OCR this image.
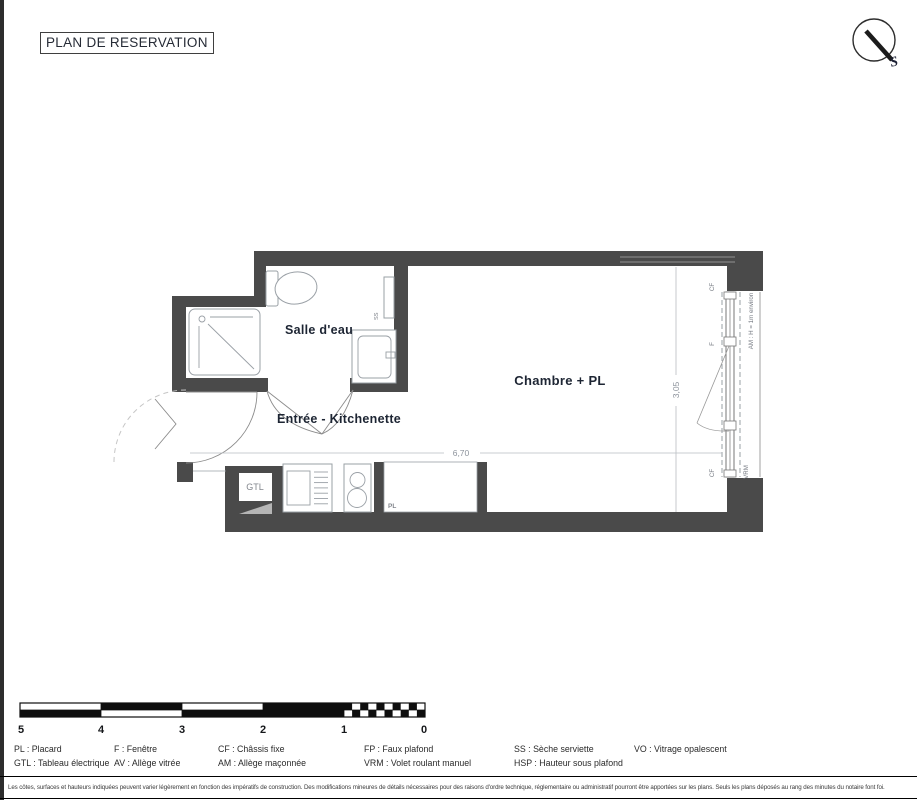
PLAN DE RESERVATION
S
GTL
SS
PL
CF
F
CF	VRM
AM : H = 1m environ
6,70
3,05
Salle d'eau
Entrée - Kitchenette
Chambre + PL
5	4	3	2	1	0
PL : Placard
GTL : Tableau électrique
F : Fenêtre
AV : Allège vitrée
CF : Châssis fixe
AM : Allège maçonnée
FP : Faux plafond
VRM : Volet roulant manuel
SS : Sèche serviette
HSP : Hauteur sous plafond
VO : Vitrage opalescent
Les côtes, surfaces et hauteurs indiquées peuvent varier légèrement en fonction des impératifs de construction. Des modifications mineures de détails nécessaires pour des raisons d'ordre technique, réglementaire ou administratif pourront être apportées sur les plans. Seuls les plans déposés au rang des minutes du notaire font foi.
